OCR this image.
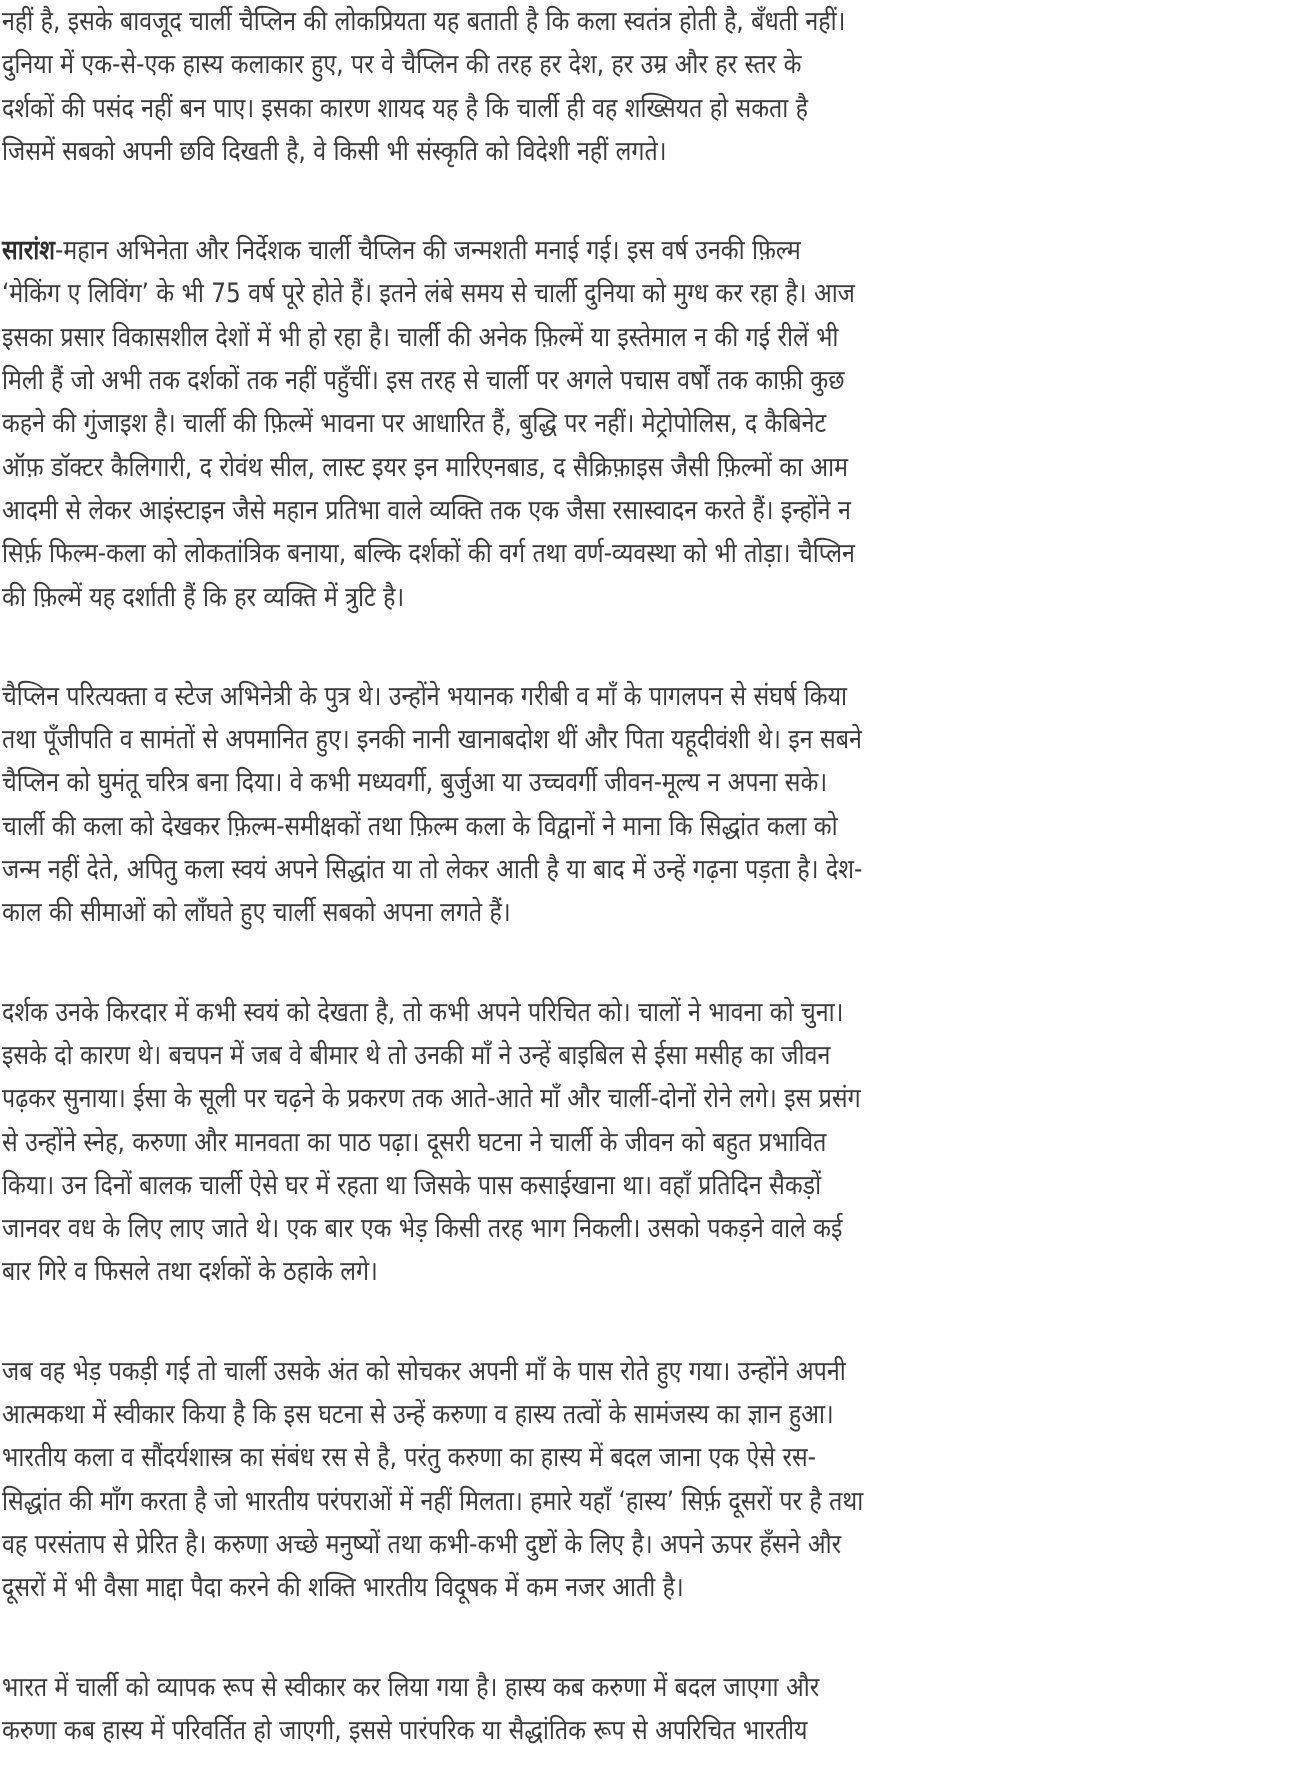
नहीं है, इसके बावजूद चार्ली चैप्लिन की लोकप्रियता यह बताती है कि कला स्वतंत्र होती है, बँधती नहीं।
दुनिया में एक-से-एक हास्य कलाकार हुए, पर वे चैप्लिन की तरह हर देश, हर उम्र और हर स्तर के
दर्शकों की पसंद नहीं बन पाए। इसका कारण शायद यह है कि चार्ली ही वह शख्सियत हो सकता है
जिसमें सबको अपनी छवि दिखती है, वे किसी भी संस्कृति को विदेशी नहीं लगते।

सारांश-महान अभिनेता और निर्देशक चार्ली चैप्लिन की जन्मशती मनाई गई। इस वर्ष उनकी फ़िल्म
‘मेकिंग ए लिविंग’ के भी 75 वर्ष पूरे होते हैं। इतने लंबे समय से चार्ली दुनिया को मुग्ध कर रहा है। आज
इसका प्रसार विकासशील देशों में भी हो रहा है। चार्ली की अनेक फ़िल्में या इस्तेमाल न की गई रीलें भी
मिली हैं जो अभी तक दर्शकों तक नहीं पहुँचीं। इस तरह से चार्ली पर अगले पचास वर्षों तक काफ़ी कुछ
कहने की गुंजाइश है। चार्ली की फ़िल्में भावना पर आधारित हैं, बुद्धि पर नहीं। मेट्रोपोलिस, द कैबिनेट
ऑफ़ डॉक्टर कैलिगारी, द रोवंथ सील, लास्ट इयर इन मारिएनबाड, द सैक्रिफ़ाइस जैसी फ़िल्मों का आम
आदमी से लेकर आइंस्टाइन जैसे महान प्रतिभा वाले व्यक्ति तक एक जैसा रसास्वादन करते हैं। इन्होंने न
सिर्फ़ फिल्म-कला को लोकतांत्रिक बनाया, बल्कि दर्शकों की वर्ग तथा वर्ण-व्यवस्था को भी तोड़ा। चैप्लिन
की फ़िल्में यह दर्शाती हैं कि हर व्यक्ति में त्रुटि है।

चैप्लिन परित्यक्ता व स्टेज अभिनेत्री के पुत्र थे। उन्होंने भयानक गरीबी व माँ के पागलपन से संघर्ष किया
तथा पूँजीपति व सामंतों से अपमानित हुए। इनकी नानी खानाबदोश थीं और पिता यहूदीवंशी थे। इन सबने
चैप्लिन को घुमंतू चरित्र बना दिया। वे कभी मध्यवर्गी, बुर्जुआ या उच्चवर्गी जीवन-मूल्य न अपना सके।
चार्ली की कला को देखकर फ़िल्म-समीक्षकों तथा फ़िल्म कला के विद्वानों ने माना कि सिद्धांत कला को
जन्म नहीं देते, अपितु कला स्वयं अपने सिद्धांत या तो लेकर आती है या बाद में उन्हें गढ़ना पड़ता है। देश-
काल की सीमाओं को लाँघते हुए चार्ली सबको अपना लगते हैं।

दर्शक उनके किरदार में कभी स्वयं को देखता है, तो कभी अपने परिचित को। चालों ने भावना को चुना।
इसके दो कारण थे। बचपन में जब वे बीमार थे तो उनकी माँ ने उन्हें बाइबिल से ईसा मसीह का जीवन
पढ़कर सुनाया। ईसा के सूली पर चढ़ने के प्रकरण तक आते-आते माँ और चार्ली-दोनों रोने लगे। इस प्रसंग
से उन्होंने स्नेह, करुणा और मानवता का पाठ पढ़ा। दूसरी घटना ने चार्ली के जीवन को बहुत प्रभावित
किया। उन दिनों बालक चार्ली ऐसे घर में रहता था जिसके पास कसाईखाना था। वहाँ प्रतिदिन सैकड़ों
जानवर वध के लिए लाए जाते थे। एक बार एक भेड़ किसी तरह भाग निकली। उसको पकड़ने वाले कई
बार गिरे व फिसले तथा दर्शकों के ठहाके लगे।

जब वह भेड़ पकड़ी गई तो चार्ली उसके अंत को सोचकर अपनी माँ के पास रोते हुए गया। उन्होंने अपनी
आत्मकथा में स्वीकार किया है कि इस घटना से उन्हें करुणा व हास्य तत्वों के सामंजस्य का ज्ञान हुआ।
भारतीय कला व सौंदर्यशास्त्र का संबंध रस से है, परंतु करुणा का हास्य में बदल जाना एक ऐसे रस-
सिद्धांत की माँग करता है जो भारतीय परंपराओं में नहीं मिलता। हमारे यहाँ ‘हास्य’ सिर्फ़ दूसरों पर है तथा
वह परसंताप से प्रेरित है। करुणा अच्छे मनुष्यों तथा कभी-कभी दुष्टों के लिए है। अपने ऊपर हँसने और
दूसरों में भी वैसा माद्दा पैदा करने की शक्ति भारतीय विदूषक में कम नजर आती है।

भारत में चार्ली को व्यापक रूप से स्वीकार कर लिया गया है। हास्य कब करुणा में बदल जाएगा और
करुणा कब हास्य में परिवर्तित हो जाएगी, इससे पारंपरिक या सैद्धांतिक रूप से अपरिचित भारतीय
